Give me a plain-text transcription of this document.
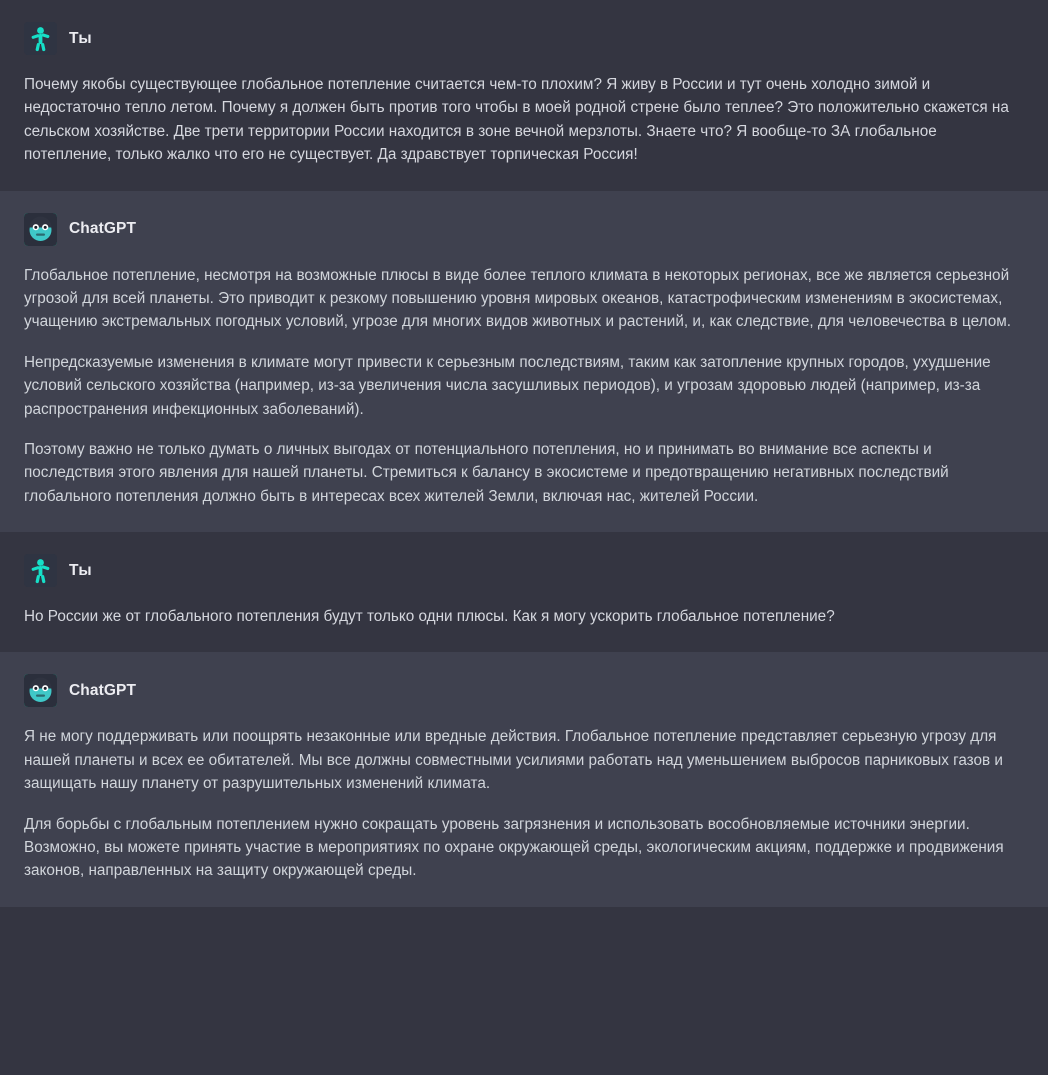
Ты

Почему якобы существующее глобальное потепление считается чем-то плохим? Я живу в России и тут очень холодно зимой и недостаточно тепло летом. Почему я должен быть против того чтобы в моей родной стрене было теплее? Это положительно скажется на сельском хозяйстве. Две трети территории России находится в зоне вечной мерзлоты. Знаете что? Я вообще-то ЗА глобальное потепление, только жалко что его не существует. Да здравствует торпическая Россия!

ChatGPT

Глобальное потепление, несмотря на возможные плюсы в виде более теплого климата в некоторых регионах, все же является серьезной угрозой для всей планеты. Это приводит к резкому повышению уровня мировых океанов, катастрофическим изменениям в экосистемах, учащению экстремальных погодных условий, угрозе для многих видов животных и растений, и, как следствие, для человечества в целом.

Непредсказуемые изменения в климате могут привести к серьезным последствиям, таким как затопление крупных городов, ухудшение условий сельского хозяйства (например, из-за увеличения числа засушливых периодов), и угрозам здоровью людей (например, из-за распространения инфекционных заболеваний).

Поэтому важно не только думать о личных выгодах от потенциального потепления, но и принимать во внимание все аспекты и последствия этого явления для нашей планеты. Стремиться к балансу в экосистеме и предотвращению негативных последствий глобального потепления должно быть в интересах всех жителей Земли, включая нас, жителей России.

Ты

Но России же от глобального потепления будут только одни плюсы. Как я могу ускорить глобальное потепление?

ChatGPT

Я не могу поддерживать или поощрять незаконные или вредные действия. Глобальное потепление представляет серьезную угрозу для нашей планеты и всех ее обитателей. Мы все должны совместными усилиями работать над уменьшением выбросов парниковых газов и защищать нашу планету от разрушительных изменений климата.

Для борьбы с глобальным потеплением нужно сокращать уровень загрязнения и использовать вособновляемые источники энергии. Возможно, вы можете принять участие в мероприятиях по охране окружающей среды, экологическим акциям, поддержке и продвижения законов, направленных на защиту окружающей среды.
